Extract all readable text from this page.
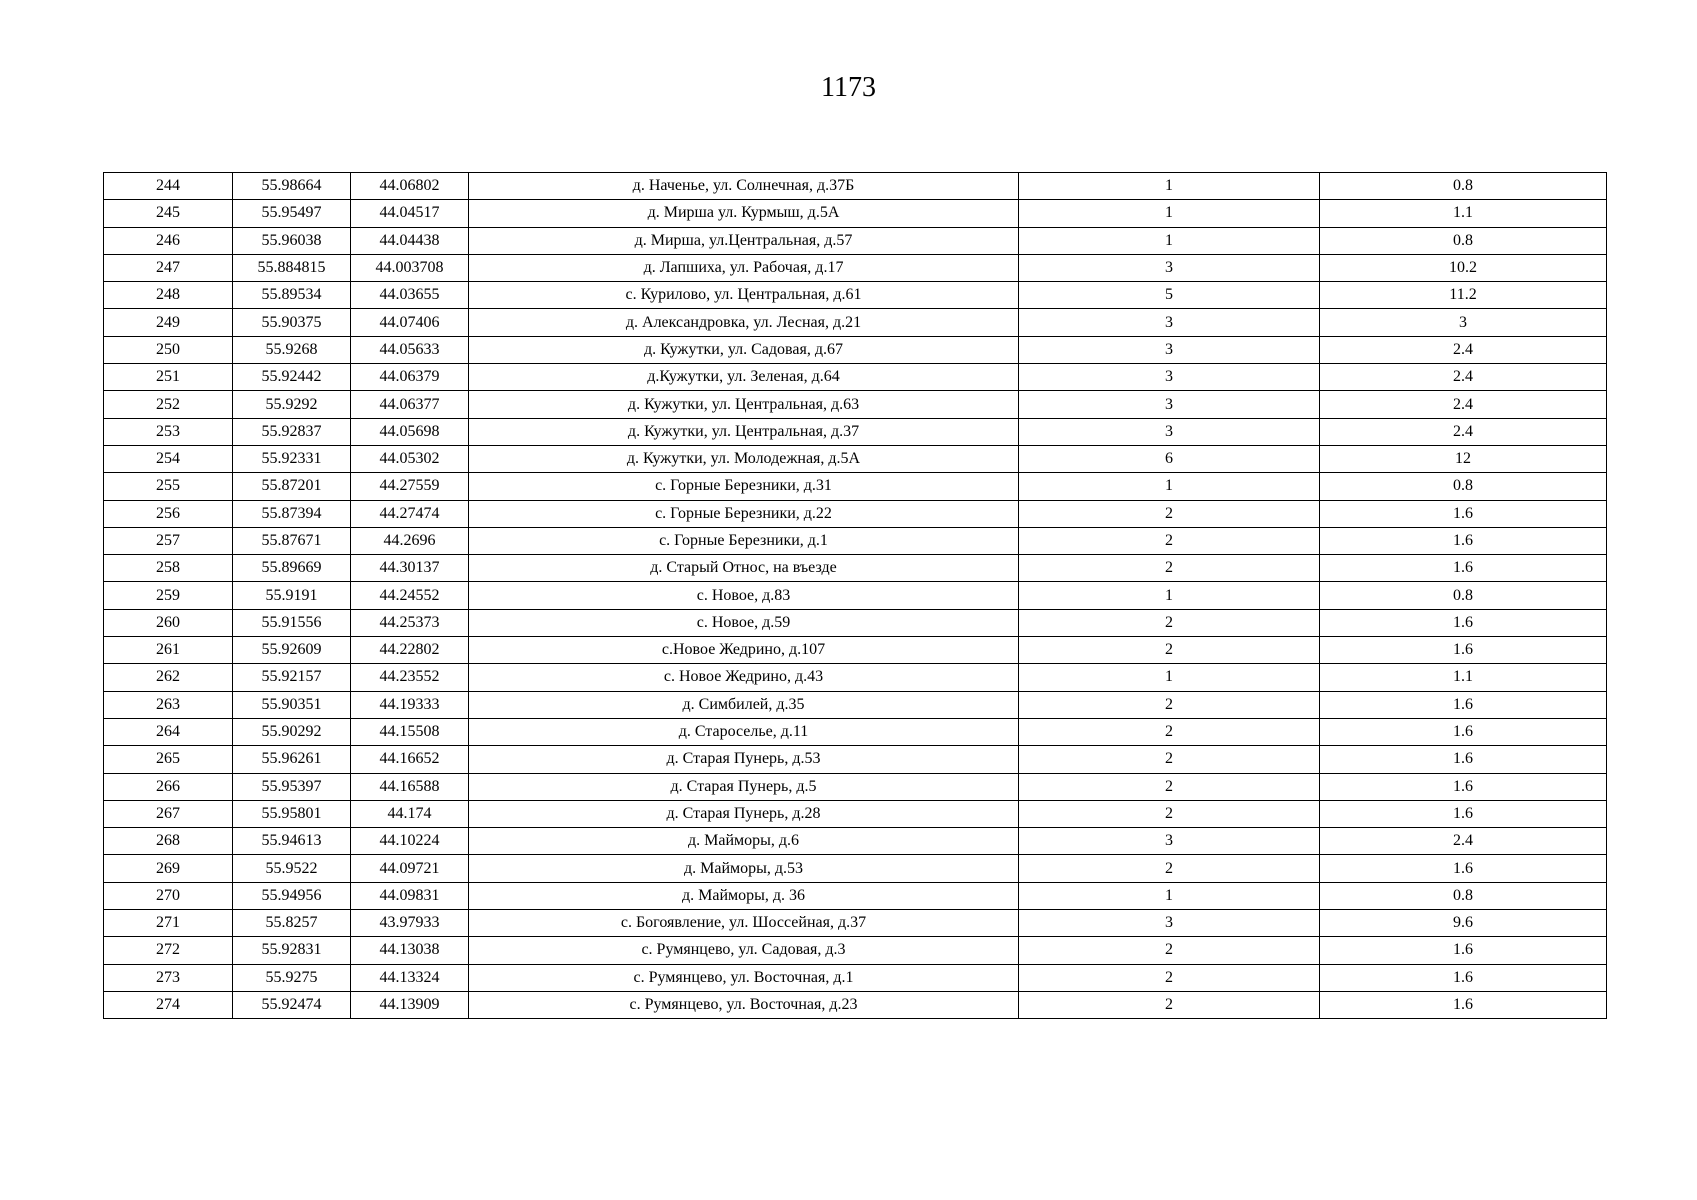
1173
244	55.98664	44.06802	д. Наченье, ул. Солнечная, д.37Б	1	0.8
245	55.95497	44.04517	д. Мирша ул. Курмыш, д.5А	1	1.1
246	55.96038	44.04438	д. Мирша, ул.Центральная, д.57	1	0.8
247	55.884815	44.003708	д. Лапшиха, ул. Рабочая, д.17	3	10.2
248	55.89534	44.03655	с. Курилово, ул. Центральная, д.61	5	11.2
249	55.90375	44.07406	д. Александровка, ул. Лесная, д.21	3	3
250	55.9268	44.05633	д. Кужутки, ул. Садовая, д.67	3	2.4
251	55.92442	44.06379	д.Кужутки, ул. Зеленая, д.64	3	2.4
252	55.9292	44.06377	д. Кужутки, ул. Центральная, д.63	3	2.4
253	55.92837	44.05698	д. Кужутки, ул. Центральная, д.37	3	2.4
254	55.92331	44.05302	д. Кужутки, ул. Молодежная, д.5А	6	12
255	55.87201	44.27559	с. Горные Березники, д.31	1	0.8
256	55.87394	44.27474	с. Горные Березники, д.22	2	1.6
257	55.87671	44.2696	с. Горные Березники, д.1	2	1.6
258	55.89669	44.30137	д. Старый Относ, на въезде	2	1.6
259	55.9191	44.24552	с. Новое, д.83	1	0.8
260	55.91556	44.25373	с. Новое, д.59	2	1.6
261	55.92609	44.22802	с.Новое Жедрино, д.107	2	1.6
262	55.92157	44.23552	с. Новое Жедрино, д.43	1	1.1
263	55.90351	44.19333	д. Симбилей, д.35	2	1.6
264	55.90292	44.15508	д. Староселье, д.11	2	1.6
265	55.96261	44.16652	д. Старая Пунерь, д.53	2	1.6
266	55.95397	44.16588	д. Старая Пунерь, д.5	2	1.6
267	55.95801	44.174	д. Старая Пунерь, д.28	2	1.6
268	55.94613	44.10224	д. Майморы, д.6	3	2.4
269	55.9522	44.09721	д. Майморы, д.53	2	1.6
270	55.94956	44.09831	д. Майморы, д. 36	1	0.8
271	55.8257	43.97933	с. Богоявление, ул. Шоссейная, д.37	3	9.6
272	55.92831	44.13038	с. Румянцево, ул. Садовая, д.3	2	1.6
273	55.9275	44.13324	с. Румянцево, ул. Восточная, д.1	2	1.6
274	55.92474	44.13909	с. Румянцево, ул. Восточная, д.23	2	1.6
